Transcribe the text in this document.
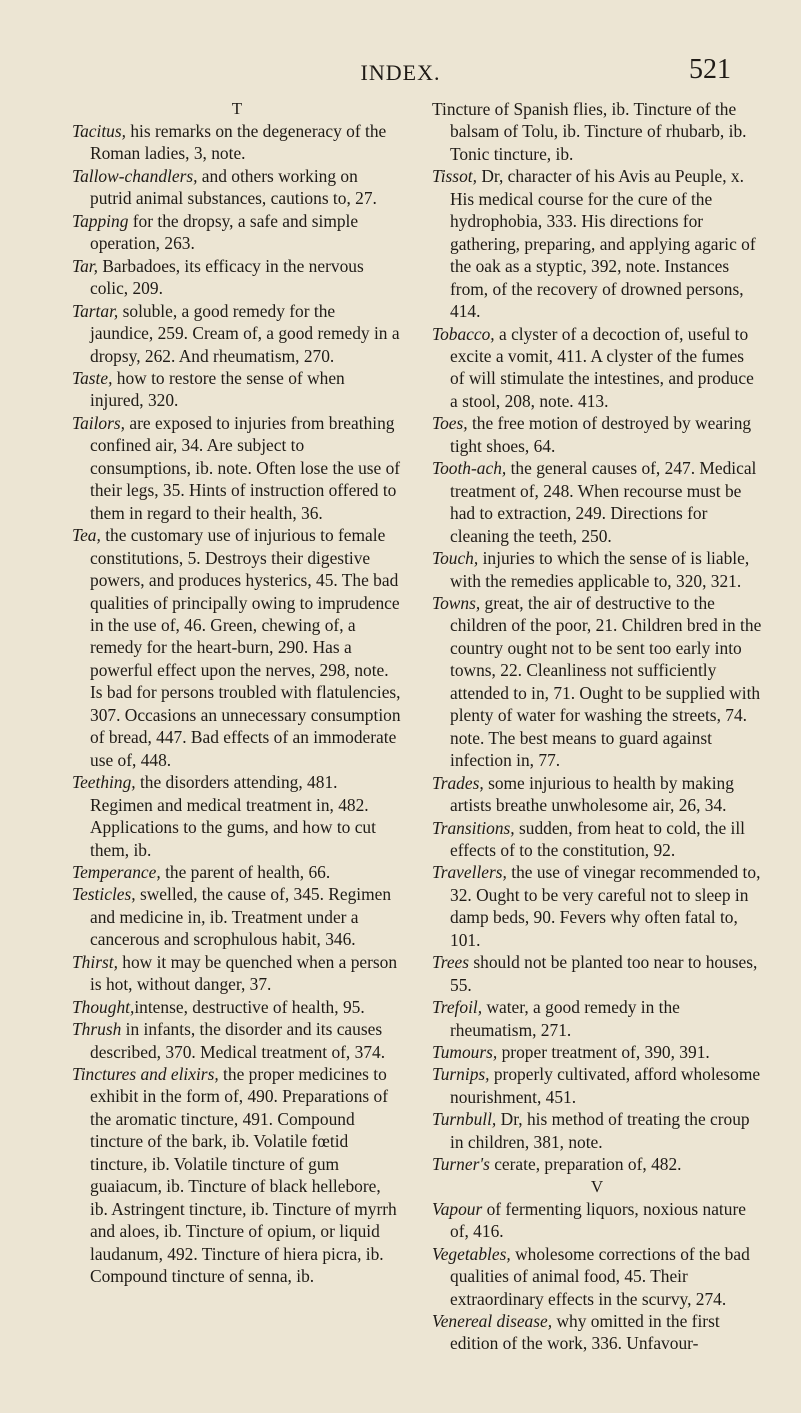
INDEX.	521
T

Tacitus, his remarks on the degeneracy of the Roman ladies, 3, note.

Tallow-chandlers, and others working on putrid animal substances, cautions to, 27.

Tapping for the dropsy, a safe and simple operation, 263.

Tar, Barbadoes, its efficacy in the nervous colic, 209.

Tartar, soluble, a good remedy for the jaundice, 259. Cream of, a good remedy in a dropsy, 262. And rheumatism, 270.

Taste, how to restore the sense of when injured, 320.

Tailors, are exposed to injuries from breathing confined air, 34. Are subject to consumptions, ib. note. Often lose the use of their legs, 35. Hints of instruction offered to them in regard to their health, 36.

Tea, the customary use of injurious to female constitutions, 5. Destroys their digestive powers, and produces hysterics, 45. The bad qualities of principally owing to imprudence in the use of, 46. Green, chewing of, a remedy for the heart-burn, 290. Has a powerful effect upon the nerves, 298, note. Is bad for persons troubled with flatulencies, 307. Occasions an unnecessary consumption of bread, 447. Bad effects of an immoderate use of, 448.

Teething, the disorders attending, 481. Regimen and medical treatment in, 482. Applications to the gums, and how to cut them, ib.

Temperance, the parent of health, 66.

Testicles, swelled, the cause of, 345. Regimen and medicine in, ib. Treatment under a cancerous and scrophulous habit, 346.

Thirst, how it may be quenched when a person is hot, without danger, 37.

Thought,intense, destructive of health, 95.

Thrush in infants, the disorder and its causes described, 370. Medical treatment of, 374.

Tinctures and elixirs, the proper medicines to exhibit in the form of, 490. Preparations of the aromatic tincture, 491. Compound tincture of the bark, ib. Volatile fœtid tincture, ib. Volatile tincture of gum guaiacum, ib. Tincture of black hellebore, ib. Astringent tincture, ib. Tincture of myrrh and aloes, ib. Tincture of opium, or liquid laudanum, 492. Tincture of hiera picra, ib. Compound tincture of senna, ib.

Tincture of Spanish flies, ib. Tincture of the balsam of Tolu, ib. Tincture of rhubarb, ib. Tonic tincture, ib.

Tissot, Dr, character of his Avis au Peuple, x. His medical course for the cure of the hydrophobia, 333. His directions for gathering, preparing, and applying agaric of the oak as a styptic, 392, note. Instances from, of the recovery of drowned persons, 414.

Tobacco, a clyster of a decoction of, useful to excite a vomit, 411. A clyster of the fumes of will stimulate the intestines, and produce a stool, 208, note. 413.

Toes, the free motion of destroyed by wearing tight shoes, 64.

Tooth-ach, the general causes of, 247. Medical treatment of, 248. When recourse must be had to extraction, 249. Directions for cleaning the teeth, 250.

Touch, injuries to which the sense of is liable, with the remedies applicable to, 320, 321.

Towns, great, the air of destructive to the children of the poor, 21. Children bred in the country ought not to be sent too early into towns, 22. Cleanliness not sufficiently attended to in, 71. Ought to be supplied with plenty of water for washing the streets, 74. note. The best means to guard against infection in, 77.

Trades, some injurious to health by making artists breathe unwholesome air, 26, 34.

Transitions, sudden, from heat to cold, the ill effects of to the constitution, 92.

Travellers, the use of vinegar recommended to, 32. Ought to be very careful not to sleep in damp beds, 90. Fevers why often fatal to, 101.

Trees should not be planted too near to houses, 55.

Trefoil, water, a good remedy in the rheumatism, 271.

Tumours, proper treatment of, 390, 391.

Turnips, properly cultivated, afford wholesome nourishment, 451.

Turnbull, Dr, his method of treating the croup in children, 381, note.

Turner's cerate, preparation of, 482.

V

Vapour of fermenting liquors, noxious nature of, 416.

Vegetables, wholesome corrections of the bad qualities of animal food, 45. Their extraordinary effects in the scurvy, 274.

Venereal disease, why omitted in the first edition of the work, 336. Unfavour-
